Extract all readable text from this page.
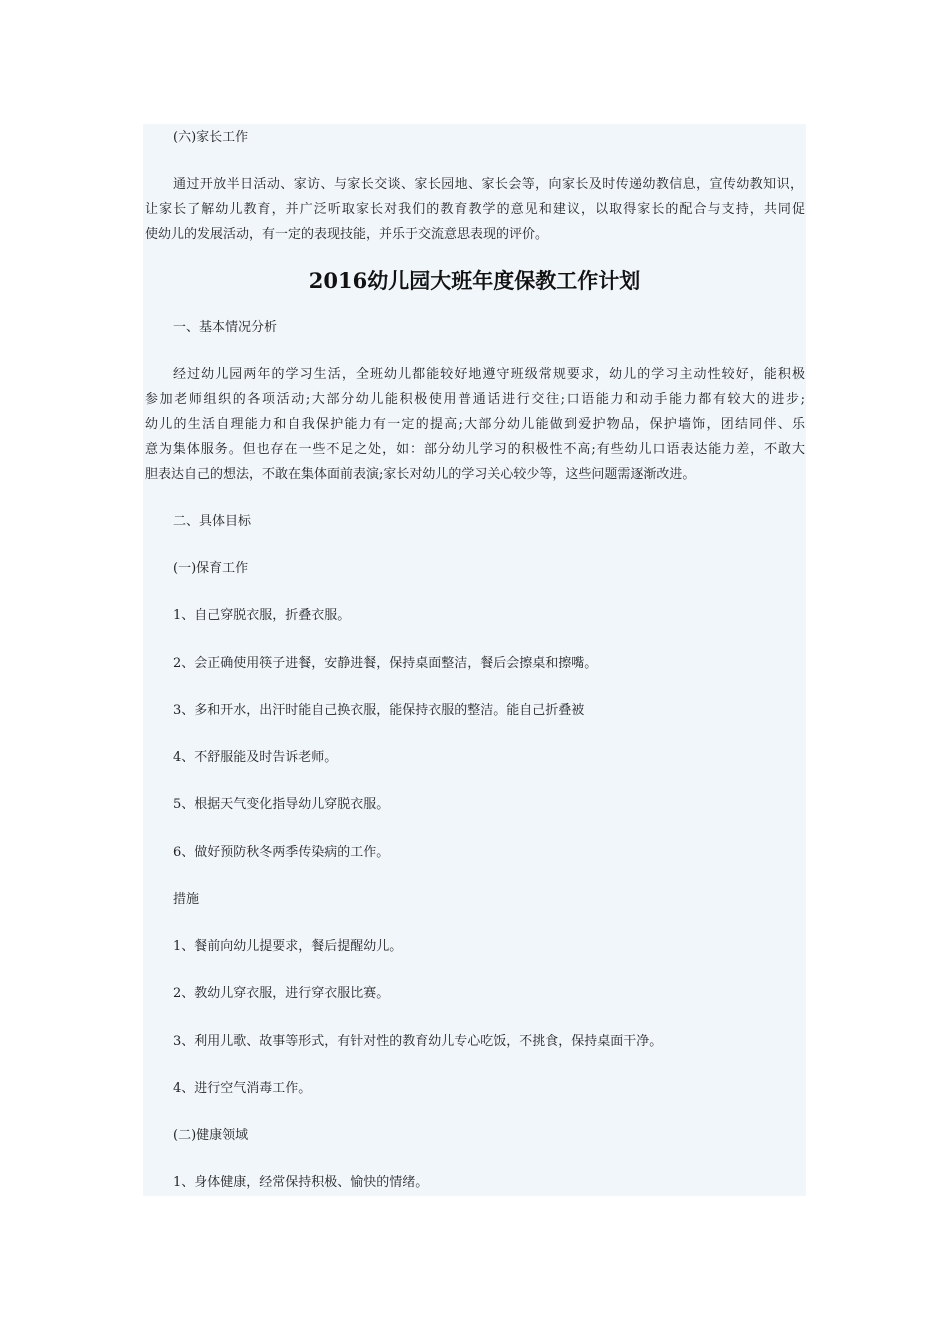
(六)家长工作
通过开放半日活动、家访、与家长交谈、家长园地、家长会等，向家长及时传递幼教信息，宣传幼教知识，
让家长了解幼儿教育，并广泛听取家长对我们的教育教学的意见和建议，以取得家长的配合与支持，共同促
使幼儿的发展活动，有一定的表现技能，并乐于交流意思表现的评价。
2016幼儿园大班年度保教工作计划
一、基本情况分析
经过幼儿园两年的学习生活，全班幼儿都能较好地遵守班级常规要求，幼儿的学习主动性较好，能积极
参加老师组织的各项活动;大部分幼儿能积极使用普通话进行交往;口语能力和动手能力都有较大的进步;
幼儿的生活自理能力和自我保护能力有一定的提高;大部分幼儿能做到爱护物品，保护墙饰，团结同伴、乐
意为集体服务。但也存在一些不足之处，如：部分幼儿学习的积极性不高;有些幼儿口语表达能力差，不敢大
胆表达自己的想法，不敢在集体面前表演;家长对幼儿的学习关心较少等，这些问题需逐渐改进。
二、具体目标
(一)保育工作
1、自己穿脱衣服，折叠衣服。
2、会正确使用筷子进餐，安静进餐，保持桌面整洁，餐后会擦桌和擦嘴。
3、多和开水，出汗时能自己换衣服，能保持衣服的整洁。能自己折叠被
4、不舒服能及时告诉老师。
5、根据天气变化指导幼儿穿脱衣服。
6、做好预防秋冬两季传染病的工作。
措施
1、餐前向幼儿提要求，餐后提醒幼儿。
2、教幼儿穿衣服，进行穿衣服比赛。
3、利用儿歌、故事等形式，有针对性的教育幼儿专心吃饭，不挑食，保持桌面干净。
4、进行空气消毒工作。
(二)健康领域
1、身体健康，经常保持积极、愉快的情绪。
